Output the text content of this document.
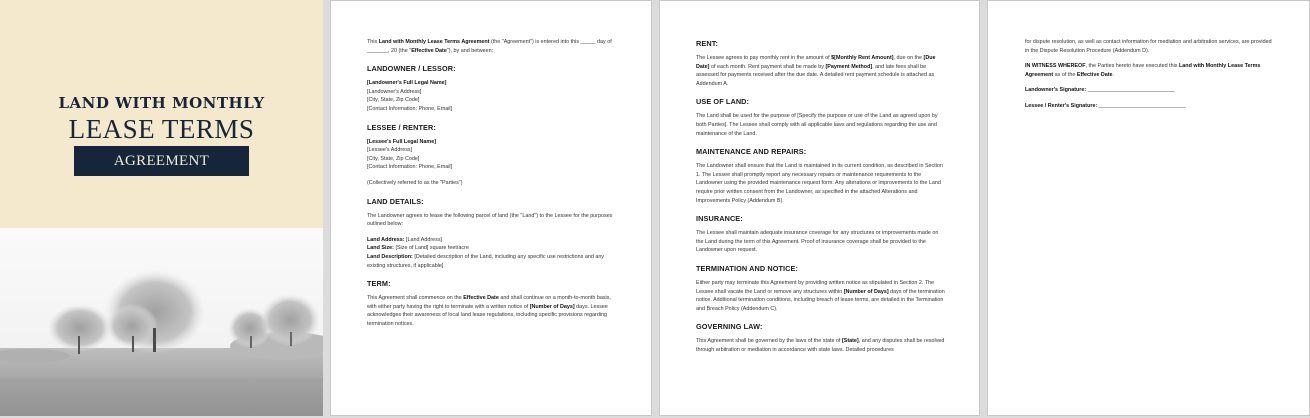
LAND WITH MONTHLY
LEASE TERMS
AGREEMENT

This Land with Monthly Lease Terms Agreement (the "Agreement") is entered into this _____ day of _______, 20 (the "Effective Date"), by and between:

LANDOWNER / LESSOR:

[Landowner's Full Legal Name]

[Landowner's Address]

[City, State, Zip Code]

[Contact Information: Phone, Email]

LESSEE / RENTER:

[Lessee's Full Legal Name]

[Lessee's Address]

[City, State, Zip Code]

[Contact Information: Phone, Email]

(Collectively referred to as the "Parties")

LAND DETAILS:

The Landowner agrees to lease the following parcel of land (the "Land") to the Lessee for the purposes outlined below:

Land Address: [Land Address]

Land Size: [Size of Land] square feet/acre

Land Description: [Detailed description of the Land, including any specific use restrictions and any existing structures, if applicable]

TERM:

This Agreement shall commence on the Effective Date and shall continue on a month-to-month basis, with either party having the right to terminate with a written notice of [Number of Days] days. Lessee acknowledges their awareness of local land lease regulations, including specific provisions regarding termination notices.

RENT:

The Lessee agrees to pay monthly rent in the amount of $[Monthly Rent Amount], due on the [Due Date] of each month. Rent payment shall be made by [Payment Method], and late fees shall be assessed for payments received after the due date. A detailed rent payment schedule is attached as Addendum A.

USE OF LAND:

The Land shall be used for the purpose of [Specify the purpose or use of the Land as agreed upon by both Parties]. The Lessee shall comply with all applicable laws and regulations regarding the use and maintenance of the Land.

MAINTENANCE AND REPAIRS:

The Landowner shall ensure that the Land is maintained in its current condition, as described in Section 1. The Lessee shall promptly report any necessary repairs or maintenance requirements to the Landowner using the provided maintenance request form. Any alterations or improvements to the Land require prior written consent from the Landowner, as specified in the attached Alterations and Improvements Policy (Addendum B).

INSURANCE:

The Lessee shall maintain adequate insurance coverage for any structures or improvements made on the Land during the term of this Agreement. Proof of insurance coverage shall be provided to the Landowner upon request.

TERMINATION AND NOTICE:

Either party may terminate this Agreement by providing written notice as stipulated in Section 2. The Lessee shall vacate the Land or remove any structures within [Number of Days] days of the termination notice. Additional termination conditions, including breach of lease terms, are detailed in the Termination and Breach Policy (Addendum C).

GOVERNING LAW:

This Agreement shall be governed by the laws of the state of [State], and any disputes shall be resolved through arbitration or mediation in accordance with state laws. Detailed procedures

for dispute resolution, as well as contact information for mediation and arbitration services, are provided in the Dispute Resolution Procedure (Addendum D).

IN WITNESS WHEREOF, the Parties hereto have executed this Land with Monthly Lease Terms Agreement as of the Effective Date.

Landowner's Signature: _____________________________

Lessee / Renter's Signature: _____________________________
